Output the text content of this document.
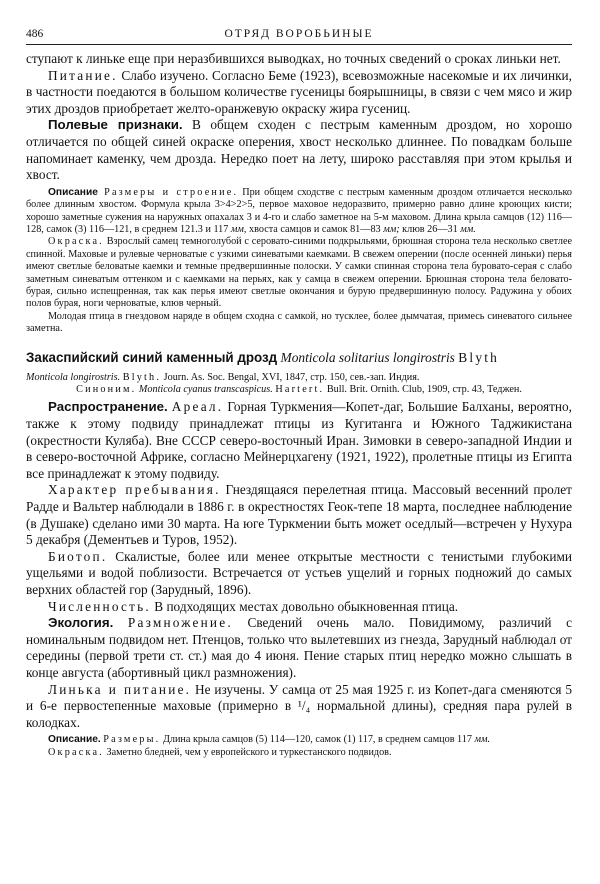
486	ОТРЯД ВОРОБЬИНЫЕ

ступают к линьке еще при неразбившихся выводках, но точных сведений о сроках линьки нет.

Питание. Слабо изучено. Согласно Беме (1923), всевозможные насекомые и их личинки, в частности поедаются в большом количестве гусеницы боярышницы, в связи с чем мясо и жир этих дроздов приобретает желто-оранжевую окраску жира гусениц.

Полевые признаки. В общем сходен с пестрым каменным дроздом, но хорошо отличается по общей синей окраске оперения, хвост несколько длиннее. По повадкам больше напоминает каменку, чем дрозда. Нередко поет на лету, широко расставляя при этом крылья и хвост.

Описание Размеры и строение. При общем сходстве с пестрым каменным дроздом отличается несколько более длинным хвостом. Формула крыла 3>4>2>5, первое маховое недоразвито, примерно равно длине кроющих кисти; хорошо заметные сужения на наружных опахалах 3 и 4-го и слабо заметное на 5-м маховом. Длина крыла самцов (12) 116—128, самок (3) 116—121, в среднем 121.3 и 117 мм, хвоста самцов и самок 81—83 мм; клюв 26—31 мм.

Окраска. Взрослый самец темноголубой с серовато-синими подкрыльями, брюшная сторона тела несколько светлее спинной. Маховые и рулевые черноватые с узкими синеватыми каемками. В свежем оперении (после осенней линьки) перья имеют светлые беловатые каемки и темные предвершинные полоски. У самки спинная сторона тела буровато-серая с слабо заметным синеватым оттенком и с каемками на перьях, как у самца в свежем оперении. Брюшная сторона тела беловато-бурая, сильно испещренная, так как перья имеют светлые окончания и бурую предвершинную полосу. Радужина у обоих полов бурая, ноги черноватые, клюв черный.

Молодая птица в гнездовом наряде в общем сходна с самкой, но тусклее, более дымчатая, примесь синеватого сильнее заметна.

Закаспийский синий каменный дрозд Monticola solitarius longirostris Blyth

Monticola longirostris. Blyth. Journ. As. Soc. Bengal, XVI, 1847, стр. 150, сев.-зап. Индия.

Синоним. Monticola cyanus transcaspicus. Hartert. Bull. Brit. Ornith. Club, 1909, стр. 43, Теджен.

Распространение. Ареал. Горная Туркмения—Копет-даг, Большие Балханы, вероятно, также к этому подвиду принадлежат птицы из Кугитанга и Южного Таджикистана (окрестности Куляба). Вне СССР северо-восточный Иран. Зимовки в северо-западной Индии и в северо-восточной Африке, согласно Мейнерцхагену (1921, 1922), пролетные птицы из Египта все принадлежат к этому подвиду.

Характер пребывания. Гнездящаяся перелетная птица. Массовый весенний пролет Радде и Вальтер наблюдали в 1886 г. в окрестностях Геок-тепе 18 марта, последнее наблюдение (в Душаке) сделано ими 30 марта. На юге Туркмении быть может оседлый—встречен у Нухура 5 декабря (Дементьев и Туров, 1952).

Биотоп. Скалистые, более или менее открытые местности с тенистыми глубокими ущельями и водой поблизости. Встречается от устьев ущелий и горных подножий до самых верхних областей гор (Зарудный, 1896).

Численность. В подходящих местах довольно обыкновенная птица.

Экология. Размножение. Сведений очень мало. Повидимому, различий с номинальным подвидом нет. Птенцов, только что вылетевших из гнезда, Зарудный наблюдал от середины (первой трети ст. ст.) мая до 4 июня. Пение старых птиц нередко можно слышать в конце августа (абортивный цикл размножения).

Линька и питание. Не изучены. У самца от 25 мая 1925 г. из Копет-дага сменяются 5 и 6-е первостепенные маховые (примерно в ¹/₄ нормальной длины), средняя пара рулей в колодках.

Описание. Размеры. Длина крыла самцов (5) 114—120, самок (1) 117, в среднем самцов 117 мм.

Окраска. Заметно бледней, чем у европейского и туркестанского подвидов.
